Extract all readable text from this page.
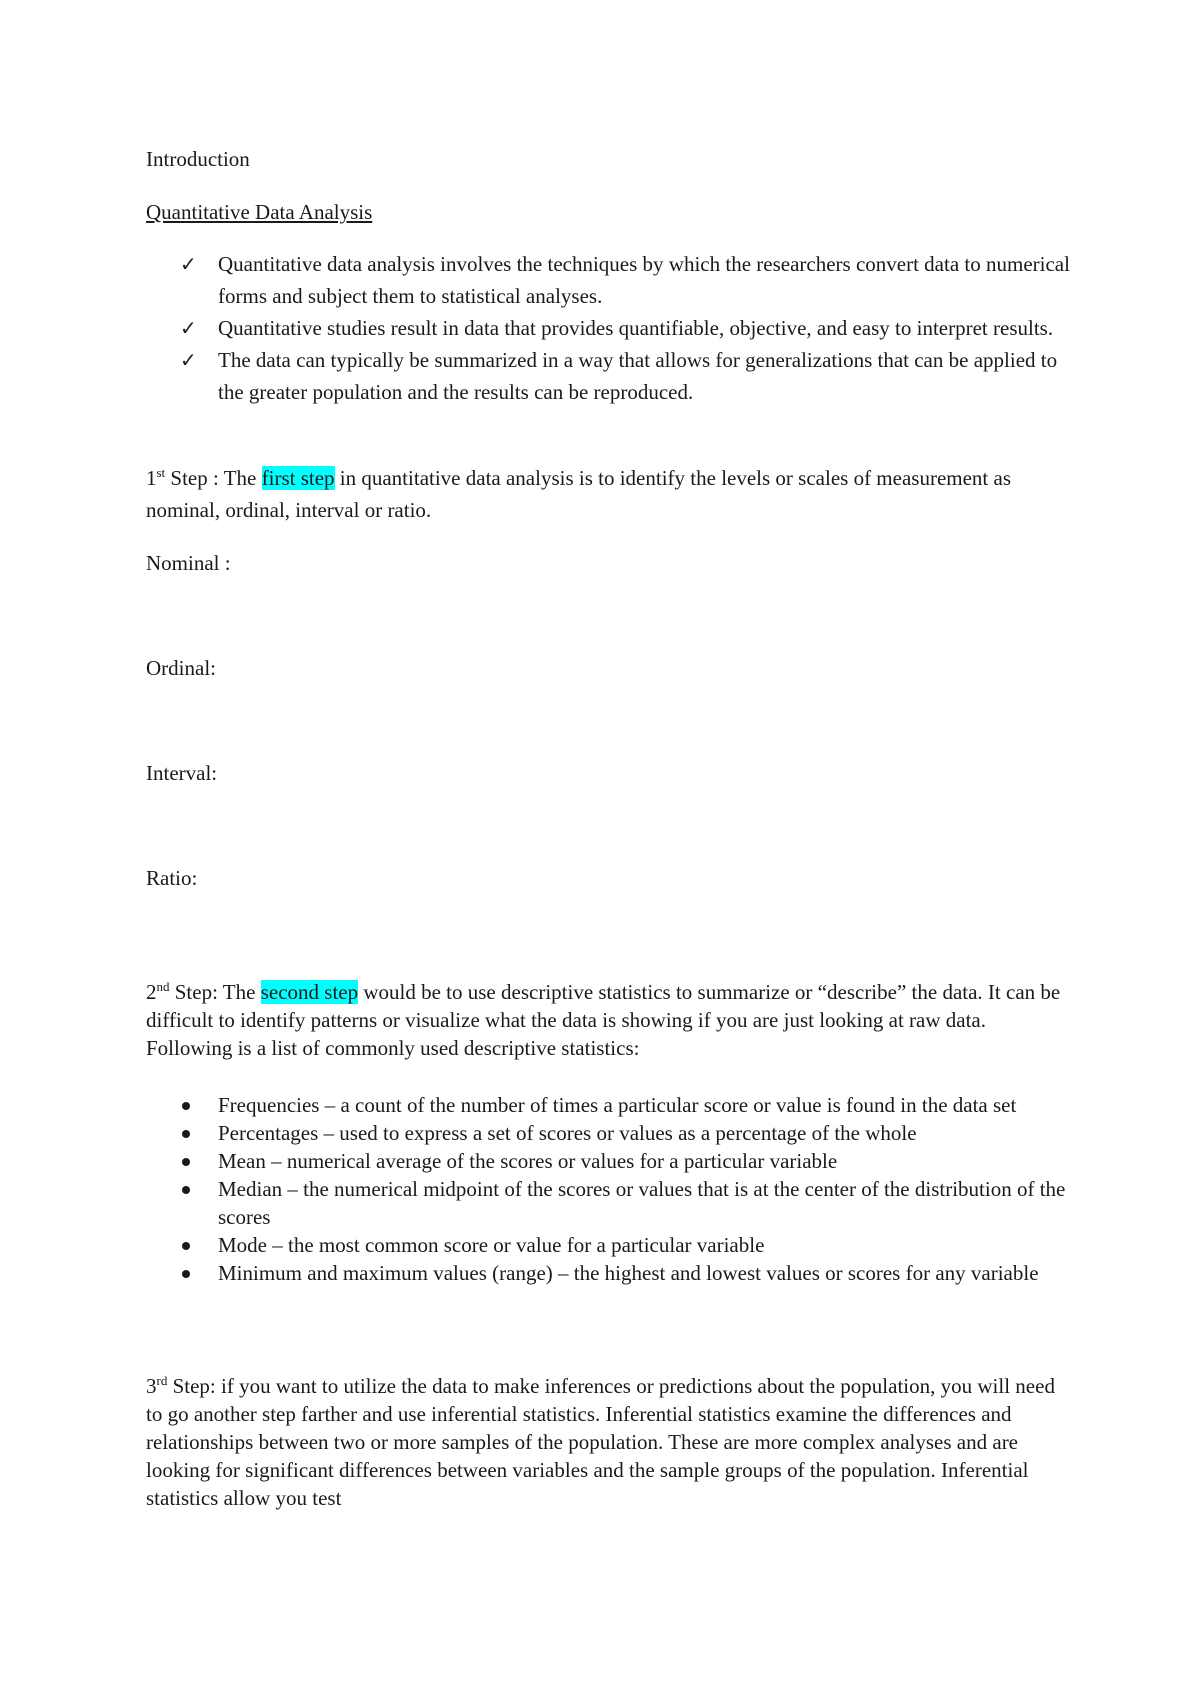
Introduction

Quantitative Data Analysis

✓ Quantitative data analysis involves the techniques by which the researchers convert data to numerical forms and subject them to statistical analyses.
✓ Quantitative studies result in data that provides quantifiable, objective, and easy to interpret results.
✓ The data can typically be summarized in a way that allows for generalizations that can be applied to the greater population and the results can be reproduced.

1st Step : The first step in quantitative data analysis is to identify the levels or scales of measurement as nominal, ordinal, interval or ratio.

Nominal :

Ordinal:

Interval:

Ratio:

2nd Step: The second step would be to use descriptive statistics to summarize or “describe” the data. It can be difficult to identify patterns or visualize what the data is showing if you are just looking at raw data. Following is a list of commonly used descriptive statistics:

Frequencies – a count of the number of times a particular score or value is found in the data set
Percentages – used to express a set of scores or values as a percentage of the whole
Mean – numerical average of the scores or values for a particular variable
Median – the numerical midpoint of the scores or values that is at the center of the distribution of the scores
Mode – the most common score or value for a particular variable
Minimum and maximum values (range) – the highest and lowest values or scores for any variable

3rd Step: if you want to utilize the data to make inferences or predictions about the population, you will need to go another step farther and use inferential statistics. Inferential statistics examine the differences and relationships between two or more samples of the population. These are more complex analyses and are looking for significant differences between variables and the sample groups of the population. Inferential statistics allow you test
